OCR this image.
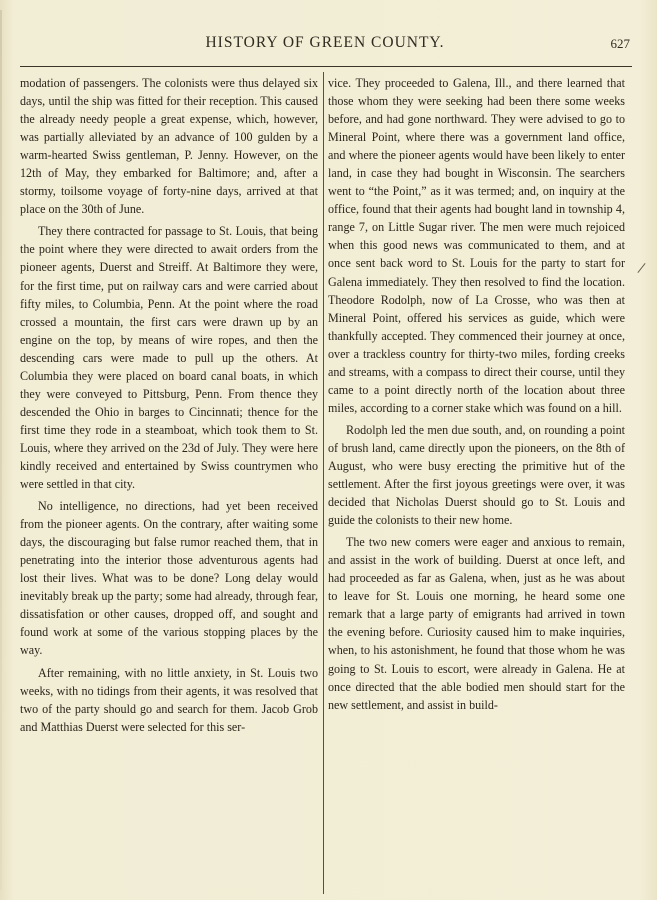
HISTORY OF GREEN COUNTY.	627

modation of passengers. The colonists were thus delayed six days, until the ship was fitted for their reception. This caused the already needy people a great expense, which, however, was partially alleviated by an advance of 100 gulden by a warm-hearted Swiss gentleman, P. Jenny. However, on the 12th of May, they embarked for Baltimore; and, after a stormy, toilsome voyage of forty-nine days, arrived at that place on the 30th of June.

They there contracted for passage to St. Louis, that being the point where they were directed to await orders from the pioneer agents, Duerst and Streiff. At Baltimore they were, for the first time, put on railway cars and were carried about fifty miles, to Columbia, Penn. At the point where the road crossed a mountain, the first cars were drawn up by an engine on the top, by means of wire ropes, and then the descending cars were made to pull up the others. At Columbia they were placed on board canal boats, in which they were conveyed to Pittsburg, Penn. From thence they descended the Ohio in barges to Cincinnati; thence for the first time they rode in a steamboat, which took them to St. Louis, where they arrived on the 23d of July. They were here kindly received and entertained by Swiss countrymen who were settled in that city.

No intelligence, no directions, had yet been received from the pioneer agents. On the contrary, after waiting some days, the discouraging but false rumor reached them, that in penetrating into the interior those adventurous agents had lost their lives. What was to be done? Long delay would inevitably break up the party; some had already, through fear, dissatisfation or other causes, dropped off, and sought and found work at some of the various stopping places by the way.

After remaining, with no little anxiety, in St. Louis two weeks, with no tidings from their agents, it was resolved that two of the party should go and search for them. Jacob Grob and Matthias Duerst were selected for this ser-

vice. They proceeded to Galena, Ill., and there learned that those whom they were seeking had been there some weeks before, and had gone northward. They were advised to go to Mineral Point, where there was a government land office, and where the pioneer agents would have been likely to enter land, in case they had bought in Wisconsin. The searchers went to “the Point,” as it was termed; and, on inquiry at the office, found that their agents had bought land in township 4, range 7, on Little Sugar river. The men were much rejoiced when this good news was communicated to them, and at once sent back word to St. Louis for the party to start for Galena immediately. They then resolved to find the location. Theodore Rodolph, now of La Crosse, who was then at Mineral Point, offered his services as guide, which were thankfully accepted. They commenced their journey at once, over a trackless country for thirty-two miles, fording creeks and streams, with a compass to direct their course, until they came to a point directly north of the location about three miles, according to a corner stake which was found on a hill.

Rodolph led the men due south, and, on rounding a point of brush land, came directly upon the pioneers, on the 8th of August, who were busy erecting the primitive hut of the settlement. After the first joyous greetings were over, it was decided that Nicholas Duerst should go to St. Louis and guide the colonists to their new home.

The two new comers were eager and anxious to remain, and assist in the work of building. Duerst at once left, and had proceeded as far as Galena, when, just as he was about to leave for St. Louis one morning, he heard some one remark that a large party of emigrants had arrived in town the evening before. Curiosity caused him to make inquiries, when, to his astonishment, he found that those whom he was going to St. Louis to escort, were already in Galena. He at once directed that the able bodied men should start for the new settlement, and assist in build-
